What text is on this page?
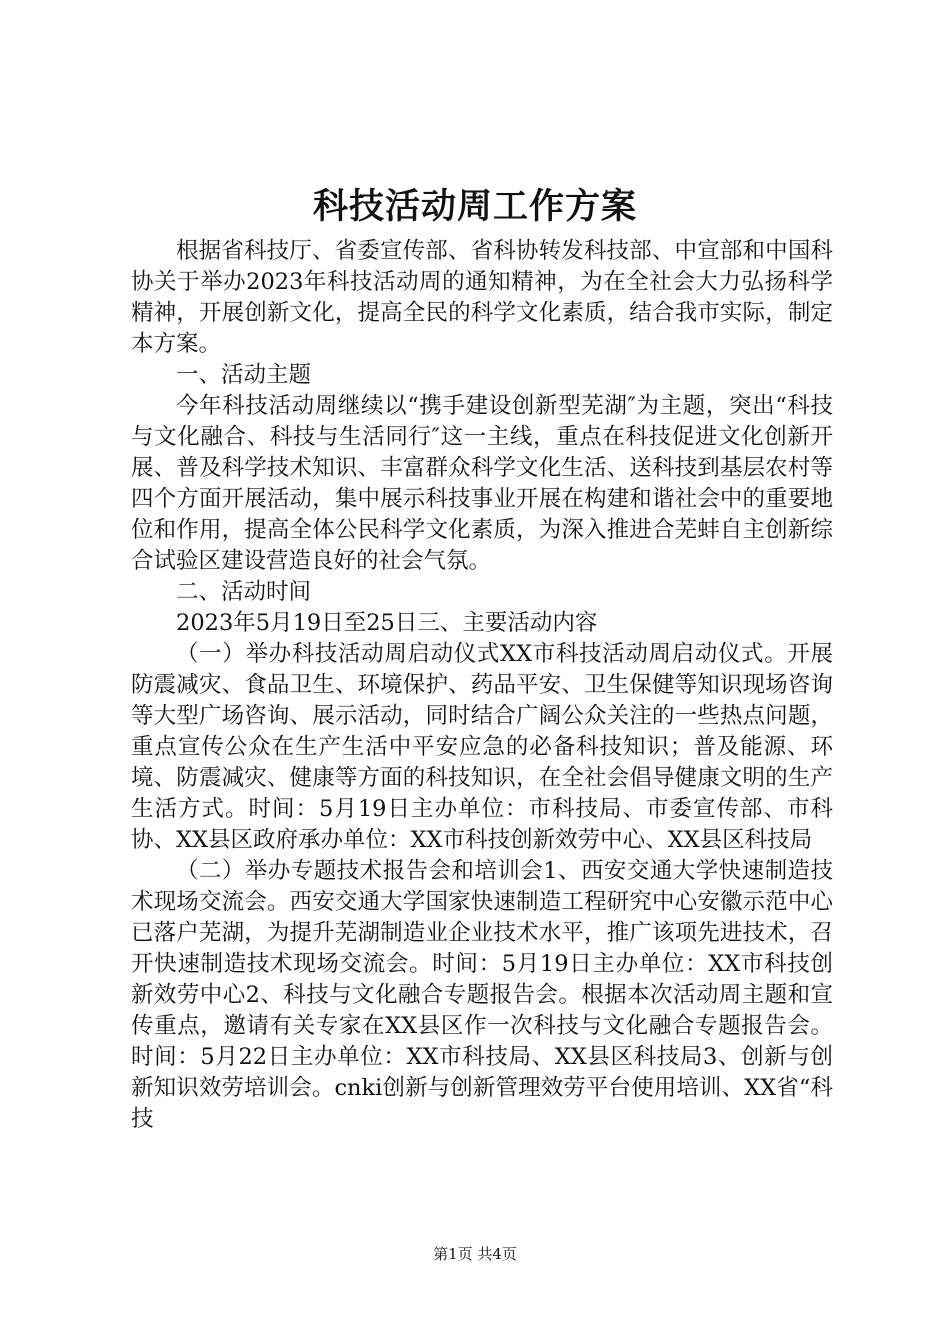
科技活动周工作方案

根据省科技厅、省委宣传部、省科协转发科技部、中宣部和中国科协关于举办2023年科技活动周的通知精神，为在全社会大力弘扬科学精神，开展创新文化，提高全民的科学文化素质，结合我市实际，制定本方案。

一、活动主题

今年科技活动周继续以“携手建设创新型芜湖″为主题，突出“科技与文化融合、科技与生活同行″这一主线，重点在科技促进文化创新开展、普及科学技术知识、丰富群众科学文化生活、送科技到基层农村等四个方面开展活动，集中展示科技事业开展在构建和谐社会中的重要地位和作用，提高全体公民科学文化素质，为深入推进合芜蚌自主创新综合试验区建设营造良好的社会气氛。

二、活动时间

2023年5月19日至25日三、主要活动内容

（一）举办科技活动周启动仪式XX市科技活动周启动仪式。开展防震减灾、食品卫生、环境保护、药品平安、卫生保健等知识现场咨询等大型广场咨询、展示活动，同时结合广阔公众关注的一些热点问题，重点宣传公众在生产生活中平安应急的必备科技知识；普及能源、环境、防震减灾、健康等方面的科技知识，在全社会倡导健康文明的生产生活方式。时间：5月19日主办单位：市科技局、市委宣传部、市科协、XX县区政府承办单位：XX市科技创新效劳中心、XX县区科技局

（二）举办专题技术报告会和培训会1、西安交通大学快速制造技术现场交流会。西安交通大学国家快速制造工程研究中心安徽示范中心已落户芜湖，为提升芜湖制造业企业技术水平，推广该项先进技术，召开快速制造技术现场交流会。时间：5月19日主办单位：XX市科技创新效劳中心2、科技与文化融合专题报告会。根据本次活动周主题和宣传重点，邀请有关专家在XX县区作一次科技与文化融合专题报告会。时间：5月22日主办单位：XX市科技局、XX县区科技局3、创新与创新知识效劳培训会。cnki创新与创新管理效劳平台使用培训、XX省“科技

第1页 共4页
